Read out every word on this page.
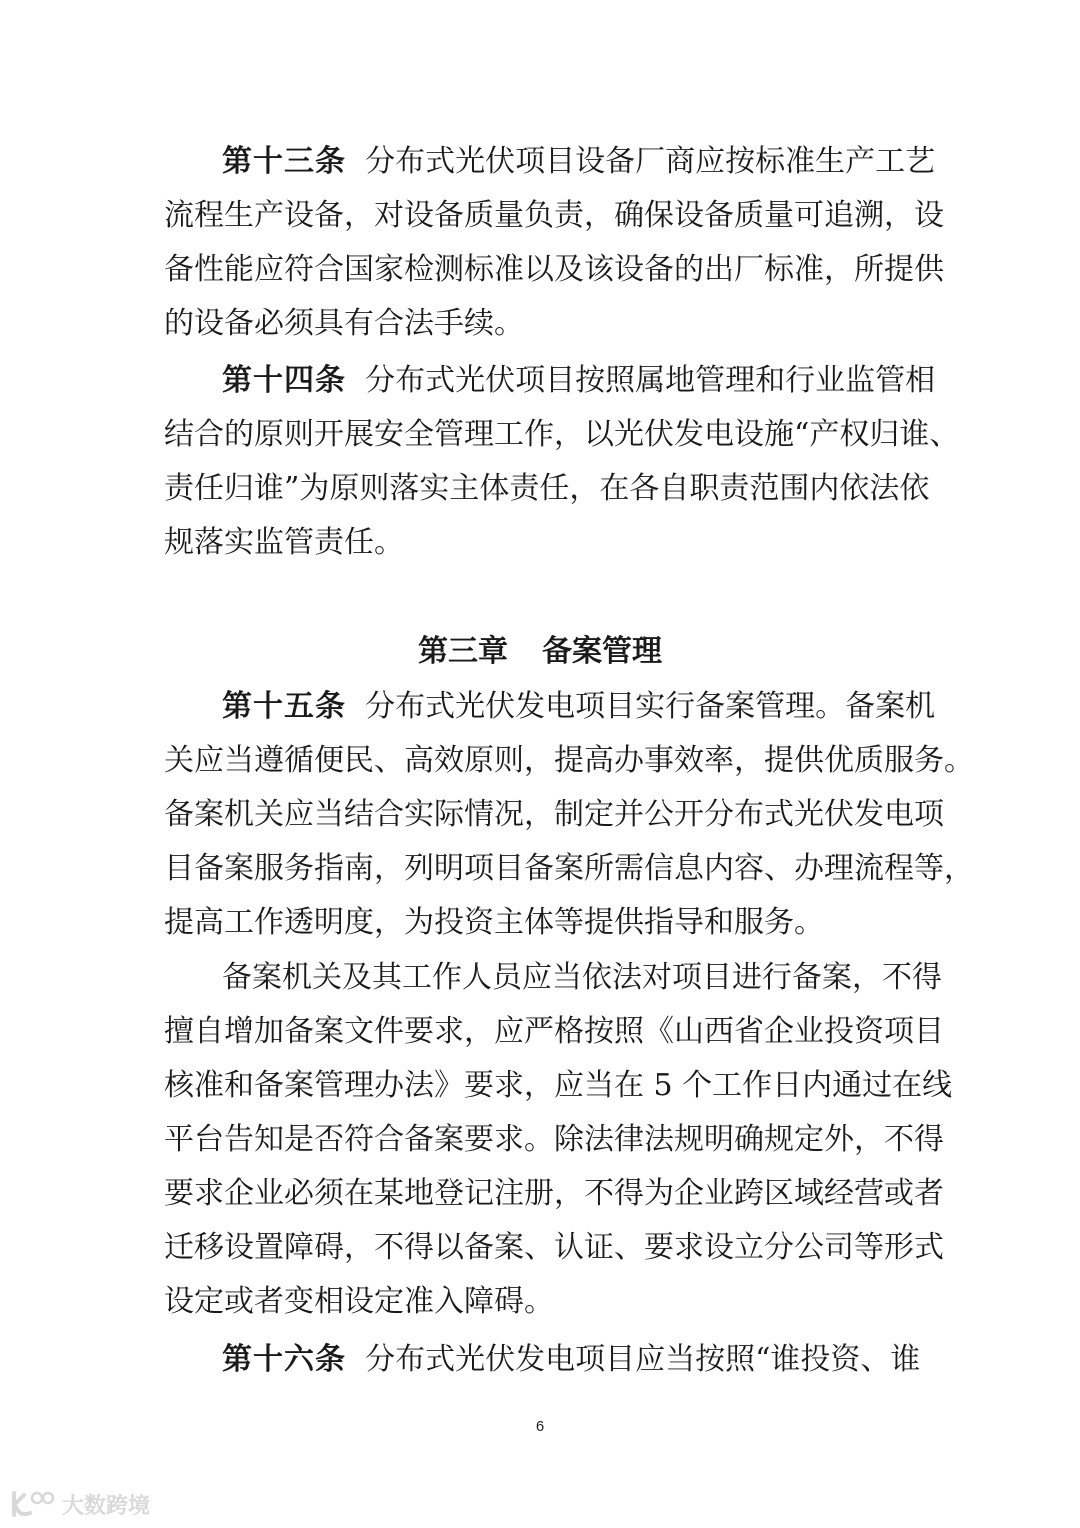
第十三条 分布式光伏项目设备厂商应按标准生产工艺
流程生产设备，对设备质量负责，确保设备质量可追溯，设
备性能应符合国家检测标准以及该设备的出厂标准，所提供
的设备必须具有合法手续。
第十四条 分布式光伏项目按照属地管理和行业监管相
结合的原则开展安全管理工作，以光伏发电设施“产权归谁、
责任归谁”为原则落实主体责任，在各自职责范围内依法依
规落实监管责任。
第三章 备案管理
第十五条 分布式光伏发电项目实行备案管理。备案机
关应当遵循便民、高效原则，提高办事效率，提供优质服务。
备案机关应当结合实际情况，制定并公开分布式光伏发电项
目备案服务指南，列明项目备案所需信息内容、办理流程等，
提高工作透明度，为投资主体等提供指导和服务。
备案机关及其工作人员应当依法对项目进行备案，不得
擅自增加备案文件要求，应严格按照《山西省企业投资项目
核准和备案管理办法》要求，应当在 5 个工作日内通过在线
平台告知是否符合备案要求。除法律法规明确规定外，不得
要求企业必须在某地登记注册，不得为企业跨区域经营或者
迁移设置障碍，不得以备案、认证、要求设立分公司等形式
设定或者变相设定准入障碍。
第十六条 分布式光伏发电项目应当按照“谁投资、谁
6
大数跨境
